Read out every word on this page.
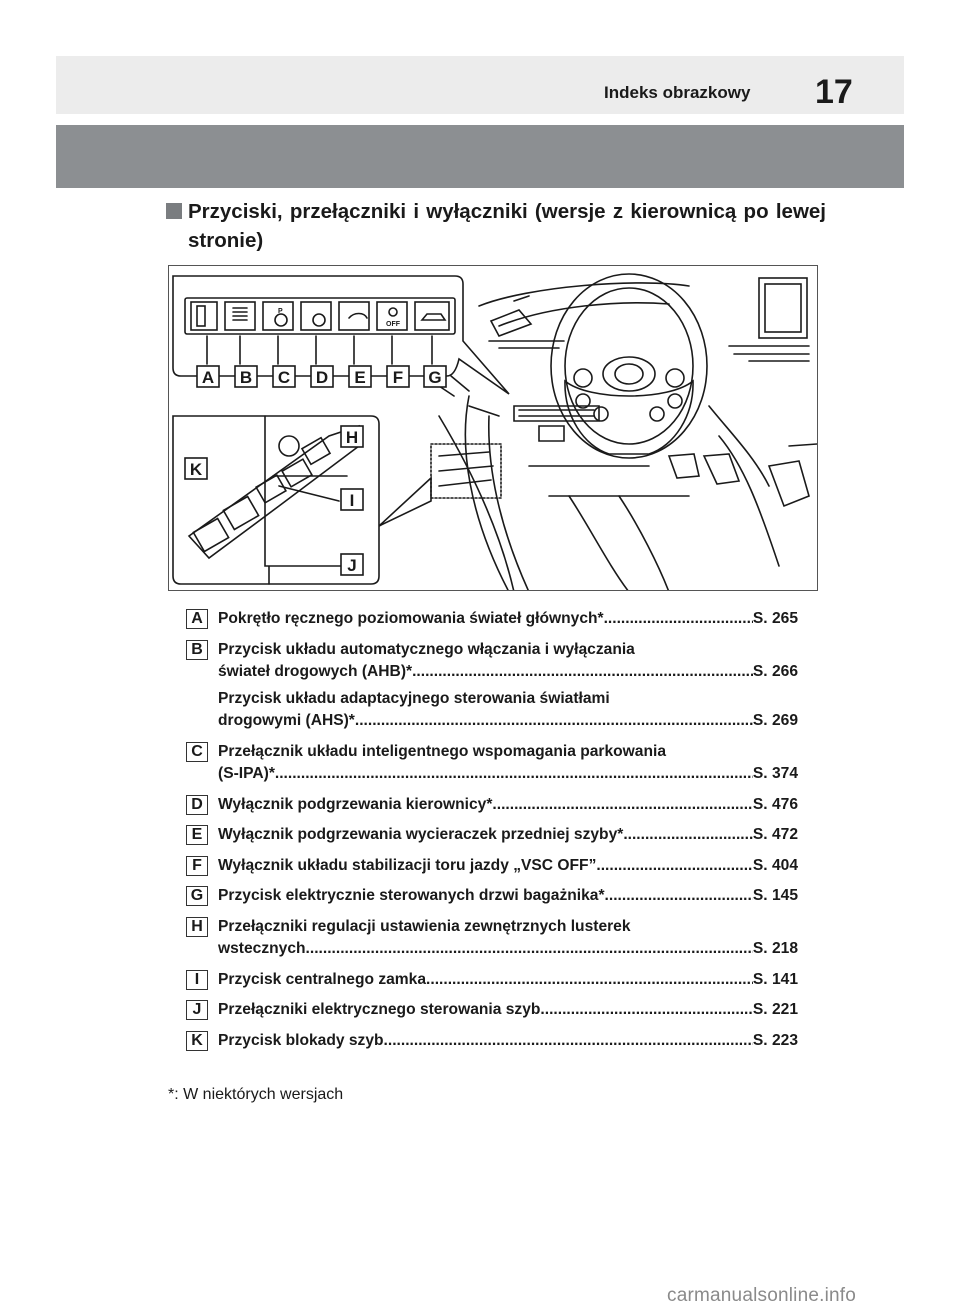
Indeks obrazkowy 17
Przyciski, przełączniki i wyłączniki (wersje z kierownicą po lewej stronie)
P
OFF
A B C D E F G
H
K
I
J
A Pokrętło ręcznego poziomowania świateł głównych* .....	S. 265
B Przycisk układu automatycznego włączania i wyłączania
świateł drogowych (AHB)* .....	S. 266
Przycisk układu adaptacyjnego sterowania światłami
drogowymi (AHS)* .....	S. 269
C Przełącznik układu inteligentnego wspomagania parkowania
(S-IPA)* .....	S. 374
D Wyłącznik podgrzewania kierownicy* .....	S. 476
E	Wyłącznik podgrzewania wycieraczek przedniej szyby* .....	S. 472
F	Wyłącznik układu stabilizacji toru jazdy „VSC OFF” .....	S. 404
G Przycisk elektrycznie sterowanych drzwi bagażnika* .....	S. 145
H Przełączniki regulacji ustawienia zewnętrznych lusterek
wstecznych .....	S. 218
I	Przycisk centralnego zamka .....	S. 141
J	Przełączniki elektrycznego sterowania szyb .....	S. 221
K Przycisk blokady szyb .....	S. 223
*: W niektórych wersjach
carmanualsonline.info
